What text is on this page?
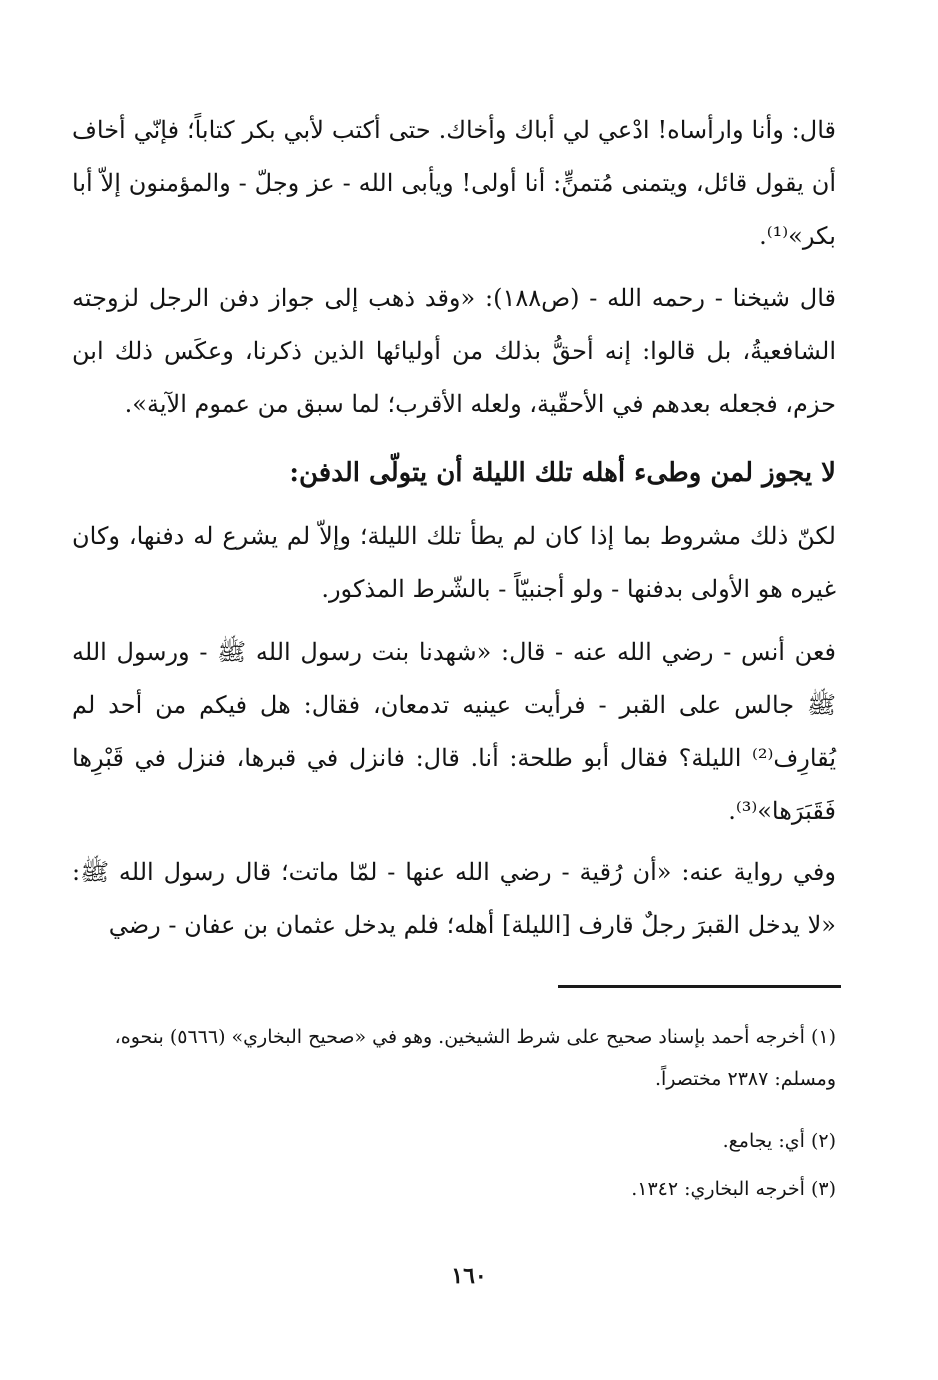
قال: وأنا وارأساه! ادْعي لي أباك وأخاك. حتى أكتب لأبي بكر كتاباً؛ فإنّي أخاف أن يقول قائل، ويتمنى مُتمنٍّ: أنا أولى! ويأبى الله - عز وجلّ - والمؤمنون إلاّ أبا بكر»⁽¹⁾.
قال شيخنا - رحمه الله - (ص١٨٨): «وقد ذهب إلى جواز دفن الرجل لزوجته الشافعيةُ، بل قالوا: إنه أحقُّ بذلك من أوليائها الذين ذكرنا، وعكَس ذلك ابن حزم، فجعله بعدهم في الأحقّية، ولعله الأقرب؛ لما سبق من عموم الآية».
لا يجوز لمن وطىء أهله تلك الليلة أن يتولّى الدفن:
لكنّ ذلك مشروط بما إذا كان لم يطأ تلك الليلة؛ وإلاّ لم يشرع له دفنها، وكان غيره هو الأولى بدفنها - ولو أجنبيّاً - بالشّرط المذكور.
فعن أنس - رضي الله عنه - قال: «شهدنا بنت رسول الله ﷺ - ورسول الله ﷺ جالس على القبر - فرأيت عينيه تدمعان، فقال: هل فيكم من أحد لم يُقارِف⁽²⁾ الليلة؟ فقال أبو طلحة: أنا. قال: فانزل في قبرها، فنزل في قَبْرِها فَقَبَرَها»⁽³⁾.
وفي رواية عنه: «أن رُقية - رضي الله عنها - لمّا ماتت؛ قال رسول الله ﷺ: «لا يدخل القبرَ رجلٌ قارف [الليلة] أهله؛ فلم يدخل عثمان بن عفان - رضي
(١) أخرجه أحمد بإسناد صحيح على شرط الشيخين. وهو في «صحيح البخاري» (٥٦٦٦) بنحوه، ومسلم: ٢٣٨٧ مختصراً.
(٢) أي: يجامع.
(٣) أخرجه البخاري: ١٣٤٢.
١٦٠
